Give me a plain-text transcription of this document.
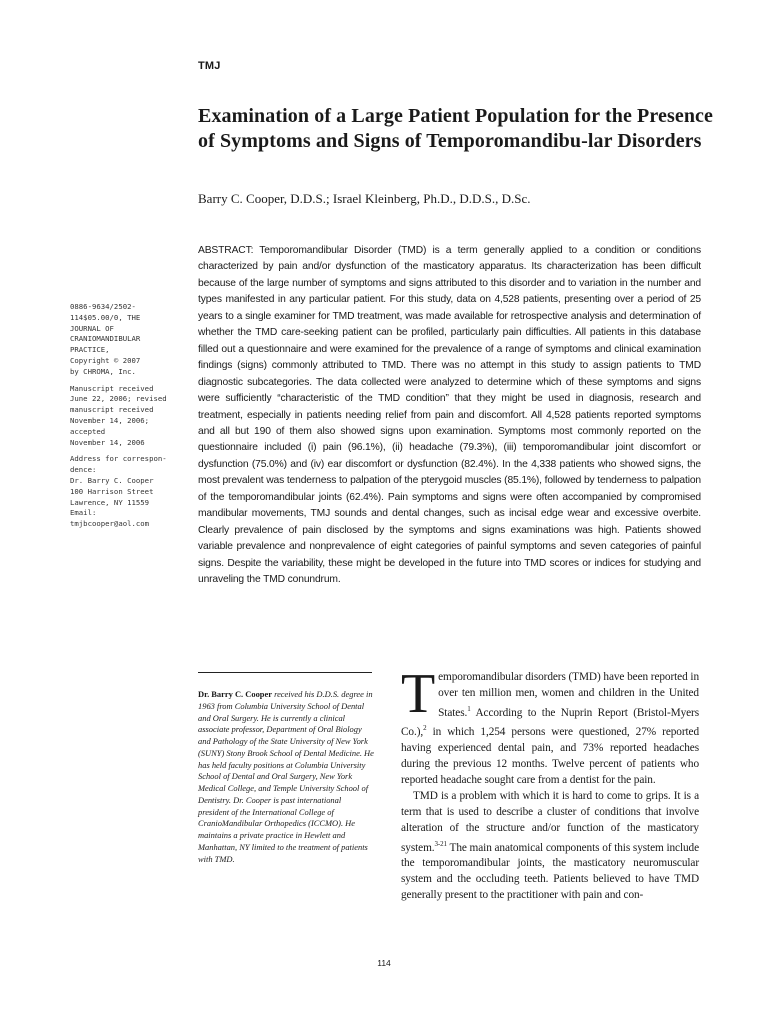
TMJ
Examination of a Large Patient Population for the Presence of Symptoms and Signs of Temporomandibu-lar Disorders
Barry C. Cooper, D.D.S.; Israel Kleinberg, Ph.D., D.D.S., D.Sc.

ABSTRACT: Temporomandibular Disorder (TMD) is a term generally applied to a condition or conditions characterized by pain and/or dysfunction of the masticatory apparatus. Its characterization has been difficult because of the large number of symptoms and signs attributed to this disorder and to variation in the number and types manifested in any particular patient. For this study, data on 4,528 patients, presenting over a period of 25 years to a single examiner for TMD treatment, was made available for retrospective analysis and determination of whether the TMD care-seeking patient can be profiled, particularly pain difficulties. All patients in this database filled out a questionnaire and were examined for the prevalence of a range of symptoms and clinical examination findings (signs) commonly attributed to TMD. There was no attempt in this study to assign patients to TMD diagnostic subcategories. The data collected were analyzed to determine which of these symptoms and signs were sufficiently “characteristic of the TMD condition” that they might be used in diagnosis, research and treatment, especially in patients needing relief from pain and discomfort. All 4,528 patients reported symptoms and all but 190 of them also showed signs upon examination. Symptoms most commonly reported on the questionnaire included (i) pain (96.1%), (ii) headache (79.3%), (iii) temporomandibular joint discomfort or dysfunction (75.0%) and (iv) ear discomfort or dysfunction (82.4%). In the 4,338 patients who showed signs, the most prevalent was tenderness to palpation of the pterygoid muscles (85.1%), followed by tenderness to palpation of the temporomandibular joints (62.4%). Pain symptoms and signs were often accompanied by compromised mandibular movements, TMJ sounds and dental changes, such as incisal edge wear and excessive overbite. Clearly prevalence of pain disclosed by the symptoms and signs examinations was high. Patients showed variable prevalence and nonprevalence of eight categories of painful symptoms and seven categories of painful signs. Despite the variability, these might be developed in the future into TMD scores or indices for studying and unraveling the TMD conundrum.

0886-9634/2502-
114$05.00/0, THE
JOURNAL OF
CRANIOMANDIBULAR
PRACTICE,
Copyright © 2007
by CHROMA, Inc.

Manuscript received
June 22, 2006; revised
manuscript received
November 14, 2006;
accepted
November 14, 2006

Address for correspon-
dence:
Dr. Barry C. Cooper
100 Harrison Street
Lawrence, NY 11559
Email:
tmjbcooper@aol.com

Dr. Barry C. Cooper received his D.D.S. degree in 1963 from Columbia University School of Dental and Oral Surgery. He is currently a clinical associate professor, Department of Oral Biology and Pathology of the State University of New York (SUNY) Stony Brook School of Dental Medicine. He has held faculty positions at Columbia University School of Dental and Oral Surgery, New York Medical College, and Temple University School of Dentistry. Dr. Cooper is past international president of the International College of CranioMandibular Orthopedics (ICCMO). He maintains a private practice in Hewlett and Manhattan, NY limited to the treatment of patients with TMD.

Temporomandibular disorders (TMD) have been reported in over ten million men, women and children in the United States.$^1$ According to the Nuprin Report (Bristol-Myers Co.),$^2$ in which 1,254 persons were questioned, 27% reported having experienced dental pain, and 73% reported headaches during the previous 12 months. Twelve percent of patients who reported headache sought care from a dentist for the pain.

TMD is a problem with which it is hard to come to grips. It is a term that is used to describe a cluster of conditions that involve alteration of the structure and/or function of the masticatory system.$^{3-21}$ The main anatomical components of this system include the temporomandibular joints, the masticatory neuromuscular system and the occluding teeth. Patients believed to have TMD generally present to the practitioner with pain and con-

114
